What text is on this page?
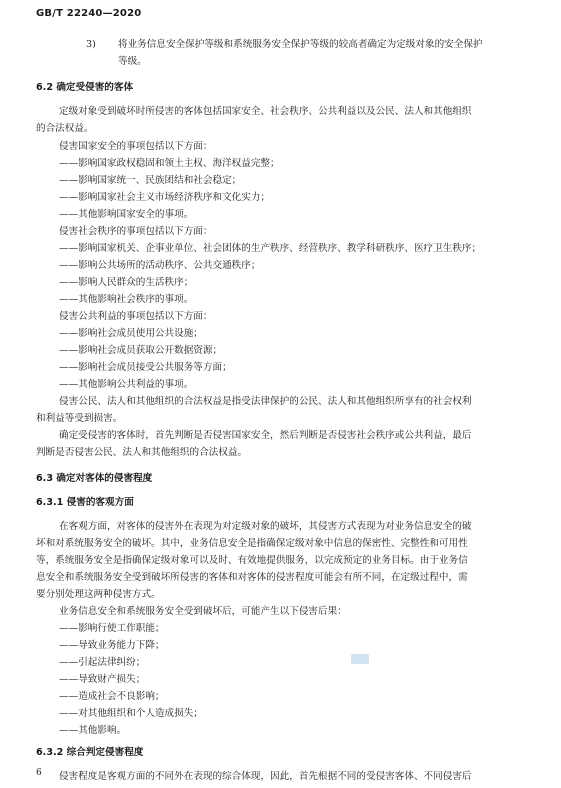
GB/T 22240—2020
3) 将业务信息安全保护等级和系统服务安全保护等级的较高者确定为定级对象的安全保护
等级。
6.2 确定受侵害的客体
定级对象受到破坏时所侵害的客体包括国家安全、社会秩序、公共利益以及公民、法人和其他组织
的合法权益。
侵害国家安全的事项包括以下方面：
——影响国家政权稳固和领土主权、海洋权益完整；
——影响国家统一、民族团结和社会稳定；
——影响国家社会主义市场经济秩序和文化实力；
——其他影响国家安全的事项。
侵害社会秩序的事项包括以下方面：
——影响国家机关、企事业单位、社会团体的生产秩序、经营秩序、教学科研秩序、医疗卫生秩序；
——影响公共场所的活动秩序、公共交通秩序；
——影响人民群众的生活秩序；
——其他影响社会秩序的事项。
侵害公共利益的事项包括以下方面：
——影响社会成员使用公共设施；
——影响社会成员获取公开数据资源；
——影响社会成员接受公共服务等方面；
——其他影响公共利益的事项。
侵害公民、法人和其他组织的合法权益是指受法律保护的公民、法人和其他组织所享有的社会权利
和利益等受到损害。
确定受侵害的客体时，首先判断是否侵害国家安全，然后判断是否侵害社会秩序或公共利益，最后
判断是否侵害公民、法人和其他组织的合法权益。
6.3 确定对客体的侵害程度
6.3.1 侵害的客观方面
在客观方面，对客体的侵害外在表现为对定级对象的破坏，其侵害方式表现为对业务信息安全的破
坏和对系统服务安全的破坏。其中，业务信息安全是指确保定级对象中信息的保密性、完整性和可用性
等，系统服务安全是指确保定级对象可以及时、有效地提供服务，以完成预定的业务目标。由于业务信
息安全和系统服务安全受到破坏所侵害的客体和对客体的侵害程度可能会有所不同，在定级过程中，需
要分别处理这两种侵害方式。
业务信息安全和系统服务安全受到破坏后，可能产生以下侵害后果：
——影响行使工作职能；
——导致业务能力下降；
——引起法律纠纷；
——导致财产损失；
——造成社会不良影响；
——对其他组织和个人造成损失；
——其他影响。
6.3.2 综合判定侵害程度
侵害程度是客观方面的不同外在表现的综合体现，因此，首先根据不同的受侵害客体、不同侵害后
6
